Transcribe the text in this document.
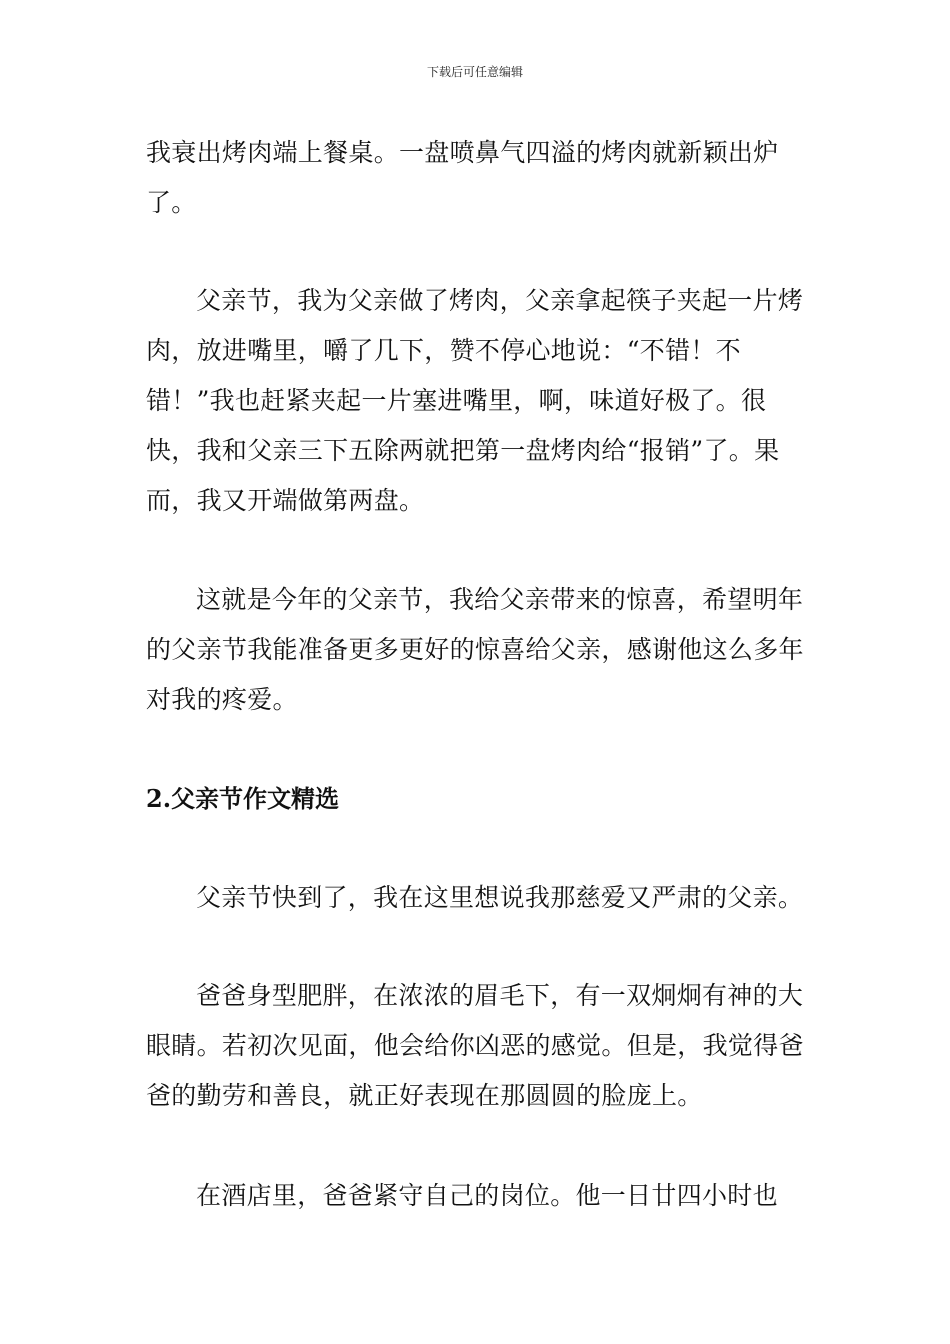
下载后可任意编辑

我衰出烤肉端上餐桌。一盘喷鼻气四溢的烤肉就新颖出炉了。

父亲节，我为父亲做了烤肉，父亲拿起筷子夹起一片烤肉，放进嘴里，嚼了几下，赞不停心地说：“不错！不错！”我也赶紧夹起一片塞进嘴里，啊，味道好极了。很快，我和父亲三下五除两就把第一盘烤肉给“报销”了。果而，我又开端做第两盘。

这就是今年的父亲节，我给父亲带来的惊喜，希望明年的父亲节我能准备更多更好的惊喜给父亲，感谢他这么多年对我的疼爱。

2.父亲节作文精选

父亲节快到了，我在这里想说我那慈爱又严肃的父亲。

爸爸身型肥胖，在浓浓的眉毛下，有一双炯炯有神的大眼睛。若初次见面，他会给你凶恶的感觉。但是，我觉得爸爸的勤劳和善良，就正好表现在那圆圆的脸庞上。

在酒店里，爸爸紧守自己的岗位。他一日廿四小时也
